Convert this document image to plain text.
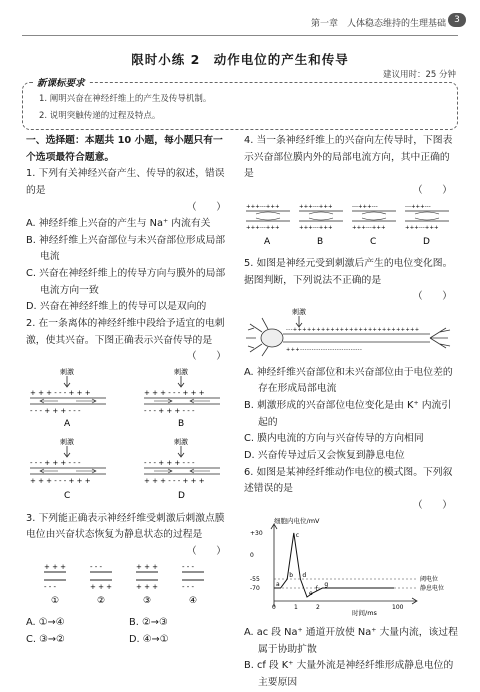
第一章　人体稳态维持的生理基础 3
限时小练 2　动作电位的产生和传导
建议用时：25 分钟
新课标要求
1. 阐明兴奋在神经纤维上的产生及传导机制。
2. 说明突触传递的过程及特点。
一、选择题：本题共 10 小题，每小题只有一个选项最符合题意。
1. 下列有关神经兴奋产生、传导的叙述，错误的是
（　　）
A. 神经纤维上兴奋的产生与 Na⁺ 内流有关
B. 神经纤维上兴奋部位与未兴奋部位形成局部电流
C. 兴奋在神经纤维上的传导方向与膜外的局部电流方向一致
D. 兴奋在神经纤维上的传导可以是双向的
2. 在一条离体的神经纤维中段给予适宜的电刺激，使其兴奋。下图正确表示兴奋传导的是
（　　）
刺激
+ + + - - - + + +
- - - + + + - - -
A
刺激
+ + + - - - + + +
- - - + + + - - -
B
刺激
- - - + + + - - -
+ + + - - - + + +
C
刺激
- - - + + + - - -
+ + + - - - + + +
D
3. 下列能正确表示神经纤维受刺激后刺激点膜电位由兴奋状态恢复为静息状态的过程是
（　　）
+ + +
- - -
①
- - -
+ + +
②
+ + +
+ + +
③
- - -
- - -
④
A. ①→④	B. ②→③
C. ③→②	D. ④→①
4. 当一条神经纤维上的兴奋向左传导时，下图表示兴奋部位膜内外的局部电流方向，其中正确的是
（　　）
+++---+++
+++---+++
A
+++---+++
+++---+++
B
---+++---
+++---+++
C
---+++---
+++---+++
D
5. 如图是神经元受到刺激后产生的电位变化图。据图判断，下列说法不正确的是
（　　）
刺激
---+++++++++++++++++++++++++++
+++---------------------------
A. 神经纤维兴奋部位和未兴奋部位由于电位差的存在形成局部电流
B. 刺激形成的兴奋部位电位变化是由 K⁺ 内流引起的
C. 膜内电流的方向与兴奋传导的方向相同
D. 兴奋传导过后又会恢复到静息电位
6. 如图是某神经纤维动作电位的模式图。下列叙述错误的是
（　　）
细胞内电位/mV
时间/ms
阈电位
静息电位
+30
0
-55
-70
0	1	2	100
a
b
c
d
e
f
g
A. ac 段 Na⁺ 通道开放使 Na⁺ 大量内流，该过程属于协助扩散
B. cf 段 K⁺ 大量外流是神经纤维形成静息电位的主要原因
